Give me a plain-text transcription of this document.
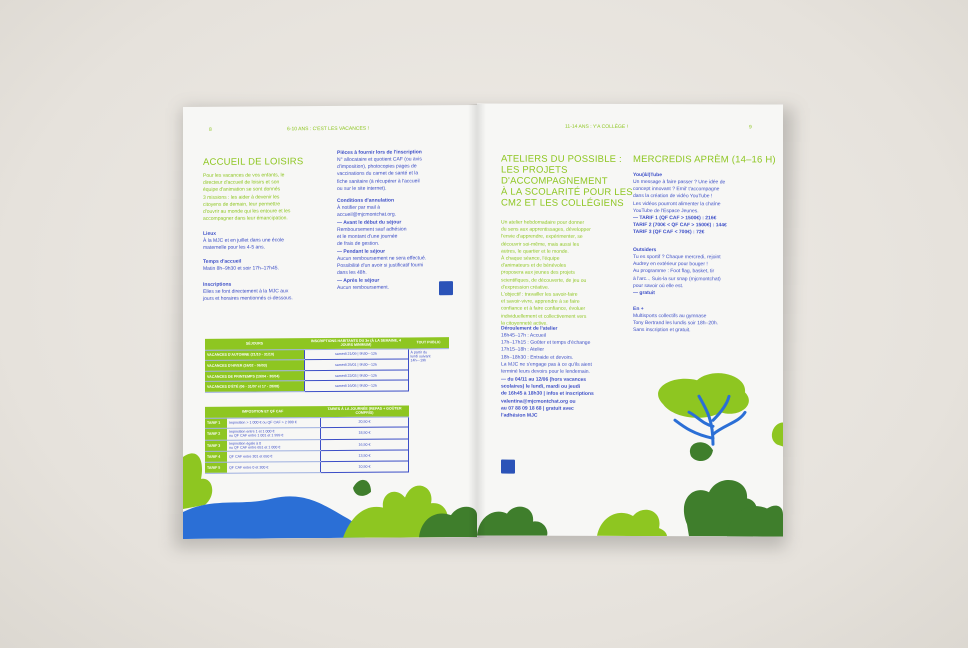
8	6-10 ANS : C'EST LES VACANCES !
ACCUEIL DE LOISIRS
Pour les vacances de vos enfants, le
directeur d'accueil de loisirs et son
équipe d'animation se sont donnés
3 missions : les aider à devenir les
citoyens de demain, leur permettre
d'ouvrir au monde qui les entoure et les
accompagner dans leur émancipation.
Lieux
À la MJC et en juillet dans une école
maternelle pour les 4-5 ans.
Temps d'accueil
Matin 8h–9h30 et soir 17h–17h45.
Inscriptions
Elles se font directement à la MJC aux
jours et horaires mentionnés ci-dessous.
Pièces à fournir lors de l'inscription
N° allocataire et quotient CAF (ou avis
d'imposition), photocopies pages de
vaccinations du carnet de santé et la
fiche sanitaire (à récupérer à l'accueil
ou sur le site internet).
Conditions d'annulation
À notifier par mail à
accueil@mjcmontchat.org.
— Avant le début du séjour
Remboursement sauf adhésion
et le montant d'une journée
de frais de gestion.
— Pendant le séjour
Aucun remboursement ne sera effectué.
Possibilité d'un avoir si justificatif fourni
dans les 48h.
— Après le séjour
Aucun remboursement.
SÉJOURS	INSCRIPTIONS HABITANTS DU 3e (À LA SEMAINE, 4 JOURS MINIMUM)	TOUT PUBLIC
VACANCES D'AUTOMNE (21/10 - 31/10)	samedi 21/09 | 9h30—12h	À partir du
lundi suivant
14h—19h
VACANCES D'HIVER (24/02 - 06/03)	samedi 25/01 | 9h30—12h	
VACANCES DE PRINTEMPS (19/04 - 30/04)	samedi 22/03 | 9h30—12h	
VACANCES D'ÉTÉ (06 - 31/07 et 17 - 28/08)	samedi 16/05 | 9h30—12h	
IMPOSITION ET QF CAF		TARIFS À LA JOURNÉE (REPAS + GOÛTER COMPRIS)
TARIF 1	Imposition > 1 000 € ou QF CAF > 2 000 €	20,50 €
TARIF 2	Imposition entre 1 et 1 000 €
ou QF CAF entre 1 001 et 1 999 €	18,50 €
TARIF 3	Imposition égale à 0
ou QF CAF entre 651 et 1 000 €	16,50 €
TARIF 4	QF CAF entre 301 et 650 €	13,50 €
TARIF 5	QF CAF entre 0 et 300 €	10,50 €
11-14 ANS : Y'A COLLÈGE !	9
ATELIERS DU POSSIBLE :
LES PROJETS
D'ACCOMPAGNEMENT
À LA SCOLARITÉ POUR LES
CM2 ET LES COLLÉGIENS
Un atelier hebdomadaire pour donner
du sens aux apprentissages, développer
l'envie d'apprendre, expérimenter, se
découvrir soi-même, mais aussi les
autres, le quartier et le monde.
À chaque séance, l'équipe
d'animateurs et de bénévoles
proposera aux jeunes des projets
scientifiques, de découverte, de jeu ou
d'expression créative.
L'objectif : travailler les savoir-faire
et savoir-vivre, apprendre à se faire
confiance et à faire confiance, évoluer
individuellement et collectivement vers
la citoyenneté active.
Déroulement de l'atelier
16h45–17h : Accueil
17h–17h15 : Goûter et temps d'échange
17h15–18h : Atelier
18h–18h30 : Entraide et devoirs.
La MJC ne s'engage pas à ce qu'ils aient
terminé leurs devoirs pour le lendemain.
— du 04/11 au 12/06 (hors vacances
scolaires) le lundi, mardi ou jeudi
de 16h45 à 18h30 | infos et inscriptions
valentina@mjcmontchat.org ou
au 07 88 09 18 68 | gratuit avec
l'adhésion MJC
MERCREDIS APRÈM (14–16 H)
You(&I)Tube
Un message à faire passer ? Une idée de
concept innovant ? Emil' t'accompagne
dans la création de vidéo YouTube !
Les vidéos pourront alimenter la chaîne
YouTube de l'Espace Jeunes.
— TARIF 1 (QF CAF > 1500€) : 216€
TARIF 2 (700€ < QF CAF > 1500€) : 144€
TARIF 3 (QF CAF < 700€) : 72€
Outsiders
Tu es sportif ? Chaque mercredi, rejoint
Audrey en extérieur pour bouger !
Au programme : Foot flag, basket, tir
à l'arc... Suis-la sur snap (mjcmontchat)
pour savoir où elle est.
— gratuit
En +
Multisports collectifs au gymnase
Tony Bertrand les lundis soir 18h–20h.
Sans inscription et gratuit.
